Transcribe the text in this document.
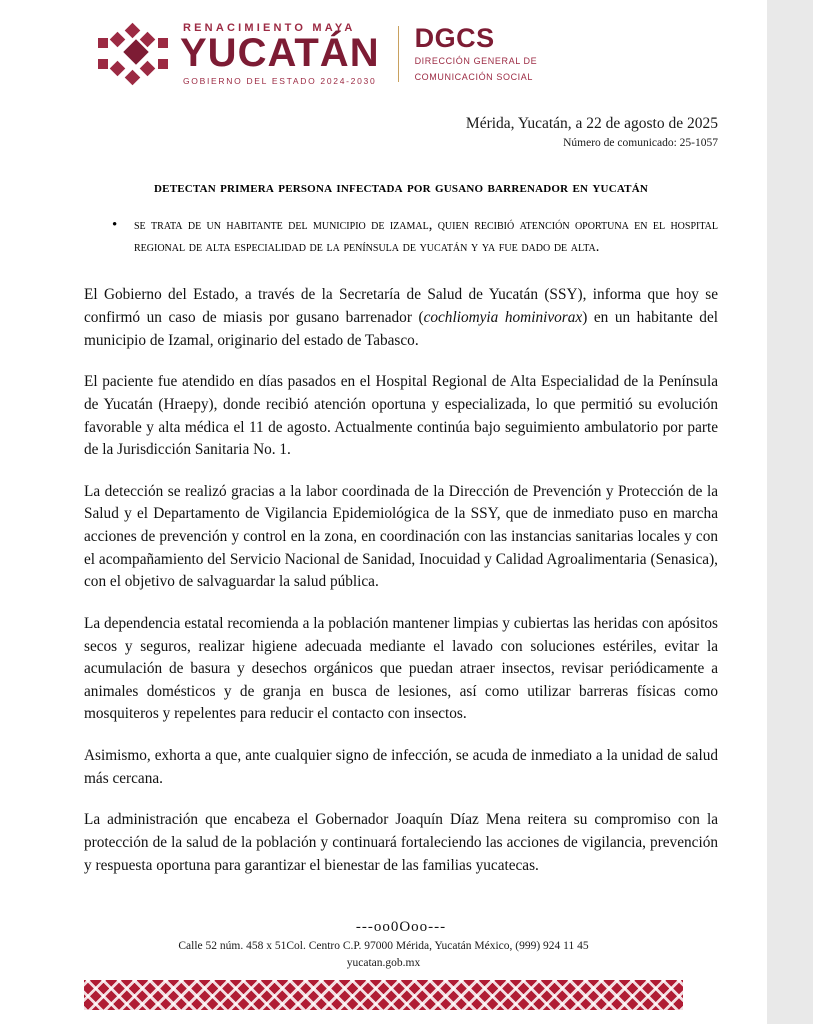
RENACIMIENTO MAYA
YUCATÁN
GOBIERNO DEL ESTADO 2024-2030
DGCS
DIRECCIÓN GENERAL DE
COMUNICACIÓN SOCIAL
Mérida, Yucatán, a 22 de agosto de 2025
Número de comunicado: 25-1057
detectan primera persona infectada por gusano barrenador en yucatán
• se trata de un habitante del municipio de izamal, quien recibió atención oportuna en el hospital regional de alta especialidad de la península de yucatán y ya fue dado de alta.

El Gobierno del Estado, a través de la Secretaría de Salud de Yucatán (SSY), informa que hoy se confirmó un caso de miasis por gusano barrenador (cochliomyia hominivorax) en un habitante del municipio de Izamal, originario del estado de Tabasco.

El paciente fue atendido en días pasados en el Hospital Regional de Alta Especialidad de la Península de Yucatán (Hraepy), donde recibió atención oportuna y especializada, lo que permitió su evolución favorable y alta médica el 11 de agosto. Actualmente continúa bajo seguimiento ambulatorio por parte de la Jurisdicción Sanitaria No. 1.

La detección se realizó gracias a la labor coordinada de la Dirección de Prevención y Protección de la Salud y el Departamento de Vigilancia Epidemiológica de la SSY, que de inmediato puso en marcha acciones de prevención y control en la zona, en coordinación con las instancias sanitarias locales y con el acompañamiento del Servicio Nacional de Sanidad, Inocuidad y Calidad Agroalimentaria (Senasica), con el objetivo de salvaguardar la salud pública.

La dependencia estatal recomienda a la población mantener limpias y cubiertas las heridas con apósitos secos y seguros, realizar higiene adecuada mediante el lavado con soluciones estériles, evitar la acumulación de basura y desechos orgánicos que puedan atraer insectos, revisar periódicamente a animales domésticos y de granja en busca de lesiones, así como utilizar barreras físicas como mosquiteros y repelentes para reducir el contacto con insectos.

Asimismo, exhorta a que, ante cualquier signo de infección, se acuda de inmediato a la unidad de salud más cercana.

La administración que encabeza el Gobernador Joaquín Díaz Mena reitera su compromiso con la protección de la salud de la población y continuará fortaleciendo las acciones de vigilancia, prevención y respuesta oportuna para garantizar el bienestar de las familias yucatecas.

---oo0Ooo---
Calle 52 núm. 458 x 51Col. Centro C.P. 97000 Mérida, Yucatán México, (999) 924 11 45
yucatan.gob.mx
